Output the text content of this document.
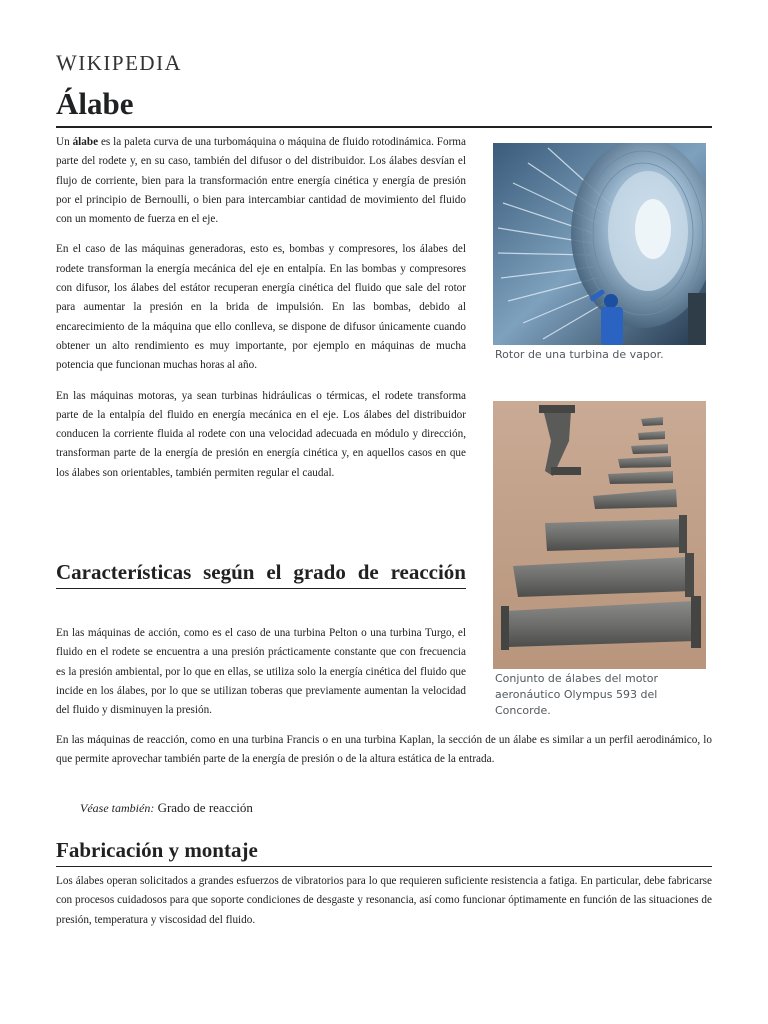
WIKIPEDIA
Álabe

Un álabe es la paleta curva de una turbomáquina o máquina de fluido rotodinámica. Forma parte del rodete y, en su caso, también del difusor o del distribuidor. Los álabes desvían el flujo de corriente, bien para la transformación entre energía cinética y energía de presión por el principio de Bernoulli, o bien para intercambiar cantidad de movimiento del fluido con un momento de fuerza en el eje.

En el caso de las máquinas generadoras, esto es, bombas y compresores, los álabes del rodete transforman la energía mecánica del eje en entalpía. En las bombas y compresores con difusor, los álabes del estátor recuperan energía cinética del fluido que sale del rotor para aumentar la presión en la brida de impulsión. En las bombas, debido al encarecimiento de la máquina que ello conlleva, se dispone de difusor únicamente cuando obtener un alto rendimiento es muy importante, por ejemplo en máquinas de mucha potencia que funcionan muchas horas al año.

En las máquinas motoras, ya sean turbinas hidráulicas o térmicas, el rodete transforma parte de la entalpía del fluido en energía mecánica en el eje. Los álabes del distribuidor conducen la corriente fluida al rodete con una velocidad adecuada en módulo y dirección, transforman parte de la energía de presión en energía cinética y, en aquellos casos en que los álabes son orientables, también permiten regular el caudal.

Características según el grado de reacción

En las máquinas de acción, como es el caso de una turbina Pelton o una turbina Turgo, el fluido en el rodete se encuentra a una presión prácticamente constante que con frecuencia es la presión ambiental, por lo que en ellas, se utiliza solo la energía cinética del fluido que incide en los álabes, por lo que se utilizan toberas que previamente aumentan la velocidad del fluido y disminuyen la presión.

En las máquinas de reacción, como en una turbina Francis o en una turbina Kaplan, la sección de un álabe es similar a un perfil aerodinámico, lo que permite aprovechar también parte de la energía de presión o de la altura estática de la entrada.

Véase también: Grado de reacción
Fabricación y montaje

Los álabes operan solicitados a grandes esfuerzos de vibratorios para lo que requieren suficiente resistencia a fatiga. En particular, debe fabricarse con procesos cuidadosos para que soporte condiciones de desgaste y resonancia, así como funcionar óptimamente en función de las situaciones de presión, temperatura y viscosidad del fluido.

Rotor de una turbina de vapor.
Conjunto de álabes del motor aeronáutico Olympus 593 del Concorde.
